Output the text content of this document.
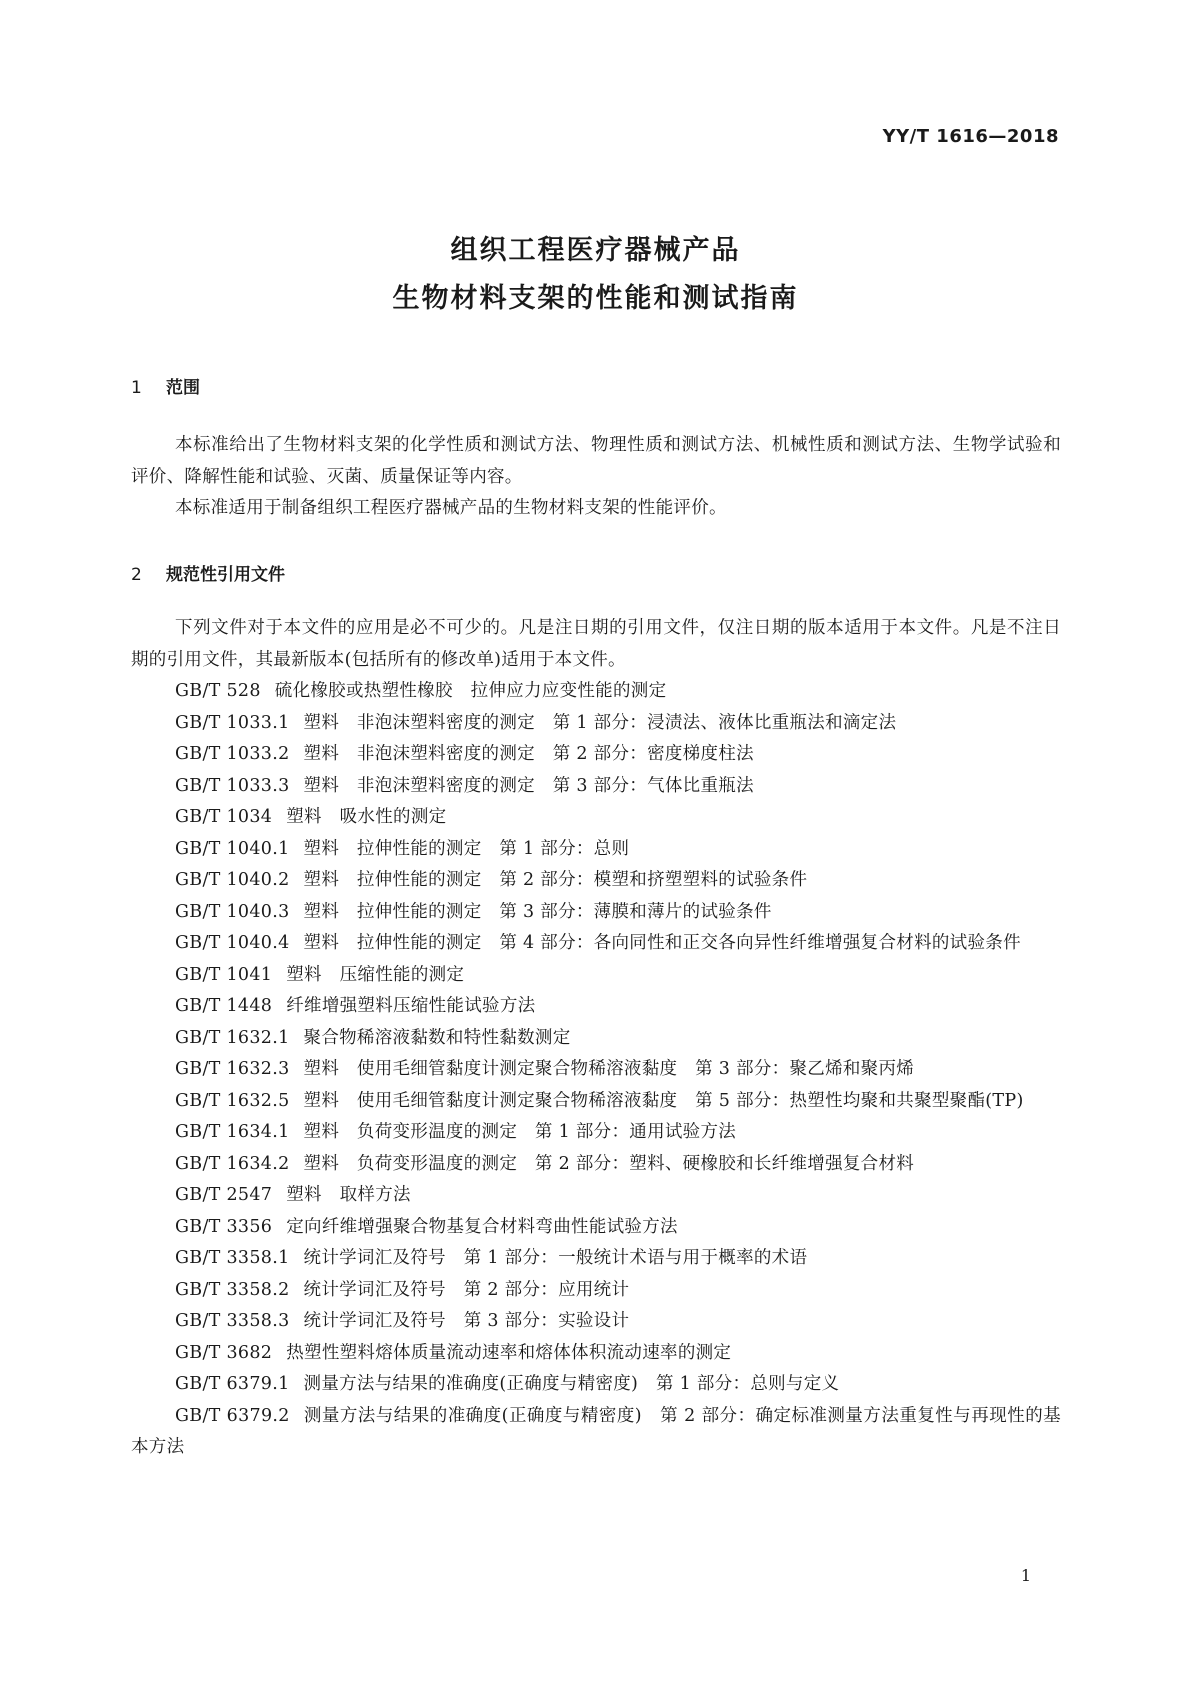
YY/T 1616—2018
组织工程医疗器械产品
生物材料支架的性能和测试指南
1 范围
本标准给出了生物材料支架的化学性质和测试方法、物理性质和测试方法、机械性质和测试方法、生物学试验和评价、降解性能和试验、灭菌、质量保证等内容。
本标准适用于制备组织工程医疗器械产品的生物材料支架的性能评价。
2 规范性引用文件
下列文件对于本文件的应用是必不可少的。凡是注日期的引用文件，仅注日期的版本适用于本文件。凡是不注日期的引用文件，其最新版本(包括所有的修改单)适用于本文件。
GB/T 528 硫化橡胶或热塑性橡胶　拉伸应力应变性能的测定
GB/T 1033.1 塑料　非泡沫塑料密度的测定　第 1 部分：浸渍法、液体比重瓶法和滴定法
GB/T 1033.2 塑料　非泡沫塑料密度的测定　第 2 部分：密度梯度柱法
GB/T 1033.3 塑料　非泡沫塑料密度的测定　第 3 部分：气体比重瓶法
GB/T 1034 塑料　吸水性的测定
GB/T 1040.1 塑料　拉伸性能的测定　第 1 部分：总则
GB/T 1040.2 塑料　拉伸性能的测定　第 2 部分：模塑和挤塑塑料的试验条件
GB/T 1040.3 塑料　拉伸性能的测定　第 3 部分：薄膜和薄片的试验条件
GB/T 1040.4 塑料　拉伸性能的测定　第 4 部分：各向同性和正交各向异性纤维增强复合材料的试验条件
GB/T 1041 塑料　压缩性能的测定
GB/T 1448 纤维增强塑料压缩性能试验方法
GB/T 1632.1 聚合物稀溶液黏数和特性黏数测定
GB/T 1632.3 塑料　使用毛细管黏度计测定聚合物稀溶液黏度　第 3 部分：聚乙烯和聚丙烯
GB/T 1632.5 塑料　使用毛细管黏度计测定聚合物稀溶液黏度　第 5 部分：热塑性均聚和共聚型聚酯(TP)
GB/T 1634.1 塑料　负荷变形温度的测定　第 1 部分：通用试验方法
GB/T 1634.2 塑料　负荷变形温度的测定　第 2 部分：塑料、硬橡胶和长纤维增强复合材料
GB/T 2547 塑料　取样方法
GB/T 3356 定向纤维增强聚合物基复合材料弯曲性能试验方法
GB/T 3358.1 统计学词汇及符号　第 1 部分：一般统计术语与用于概率的术语
GB/T 3358.2 统计学词汇及符号　第 2 部分：应用统计
GB/T 3358.3 统计学词汇及符号　第 3 部分：实验设计
GB/T 3682 热塑性塑料熔体质量流动速率和熔体体积流动速率的测定
GB/T 6379.1 测量方法与结果的准确度(正确度与精密度)　第 1 部分：总则与定义
GB/T 6379.2 测量方法与结果的准确度(正确度与精密度)　第 2 部分：确定标准测量方法重复性与再现性的基本方法
1
